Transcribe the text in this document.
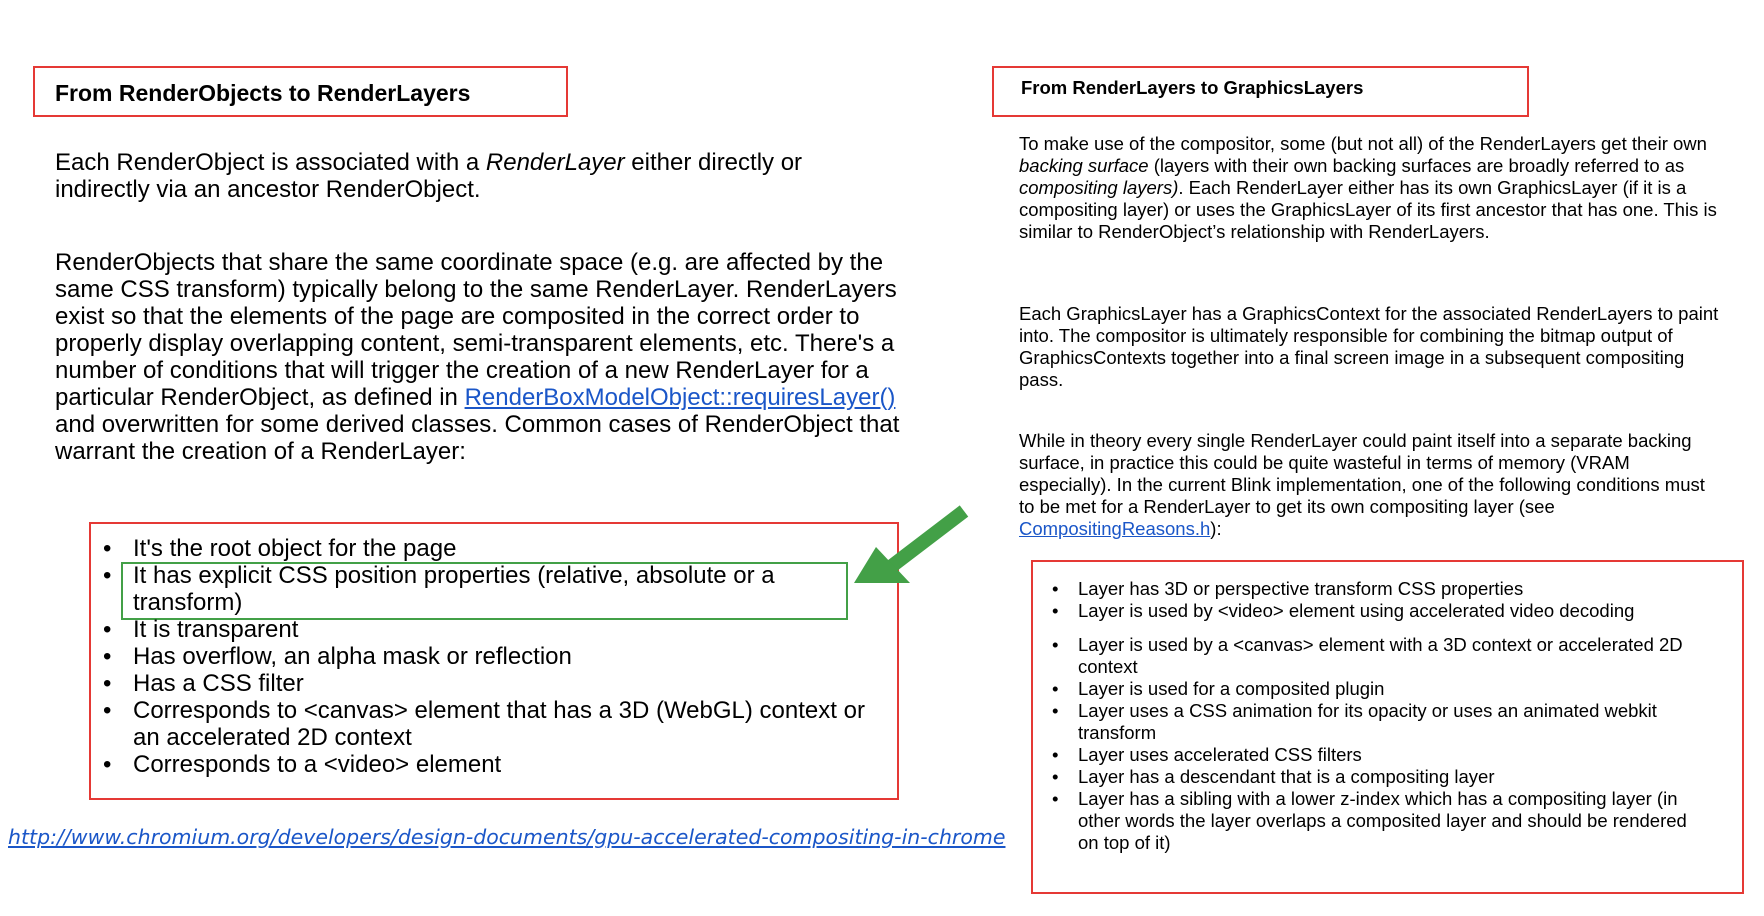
From RenderObjects to RenderLayers

Each RenderObject is associated with a RenderLayer either directly or indirectly via an ancestor RenderObject.

RenderObjects that share the same coordinate space (e.g. are affected by the same CSS transform) typically belong to the same RenderLayer. RenderLayers exist so that the elements of the page are composited in the correct order to properly display overlapping content, semi-transparent elements, etc. There's a number of conditions that will trigger the creation of a new RenderLayer for a particular RenderObject, as defined in RenderBoxModelObject::requiresLayer() and overwritten for some derived classes. Common cases of RenderObject that warrant the creation of a RenderLayer:

• It's the root object for the page
• It has explicit CSS position properties (relative, absolute or a transform)
• It is transparent
• Has overflow, an alpha mask or reflection
• Has a CSS filter
• Corresponds to <canvas> element that has a 3D (WebGL) context or an accelerated 2D context
• Corresponds to a <video> element
http://www.chromium.org/developers/design-documents/gpu-accelerated-compositing-in-chrome
From RenderLayers to GraphicsLayers

To make use of the compositor, some (but not all) of the RenderLayers get their own backing surface (layers with their own backing surfaces are broadly referred to as compositing layers). Each RenderLayer either has its own GraphicsLayer (if it is a compositing layer) or uses the GraphicsLayer of its first ancestor that has one. This is similar to RenderObject’s relationship with RenderLayers.

Each GraphicsLayer has a GraphicsContext for the associated RenderLayers to paint into. The compositor is ultimately responsible for combining the bitmap output of GraphicsContexts together into a final screen image in a subsequent compositing pass.

While in theory every single RenderLayer could paint itself into a separate backing surface, in practice this could be quite wasteful in terms of memory (VRAM especially). In the current Blink implementation, one of the following conditions must to be met for a RenderLayer to get its own compositing layer (see CompositingReasons.h):

• Layer has 3D or perspective transform CSS properties
• Layer is used by <video> element using accelerated video decoding
• Layer is used by a <canvas> element with a 3D context or accelerated 2D context
• Layer is used for a composited plugin
• Layer uses a CSS animation for its opacity or uses an animated webkit transform
• Layer uses accelerated CSS filters
• Layer has a descendant that is a compositing layer
• Layer has a sibling with a lower z-index which has a compositing layer (in other words the layer overlaps a composited layer and should be rendered on top of it)
